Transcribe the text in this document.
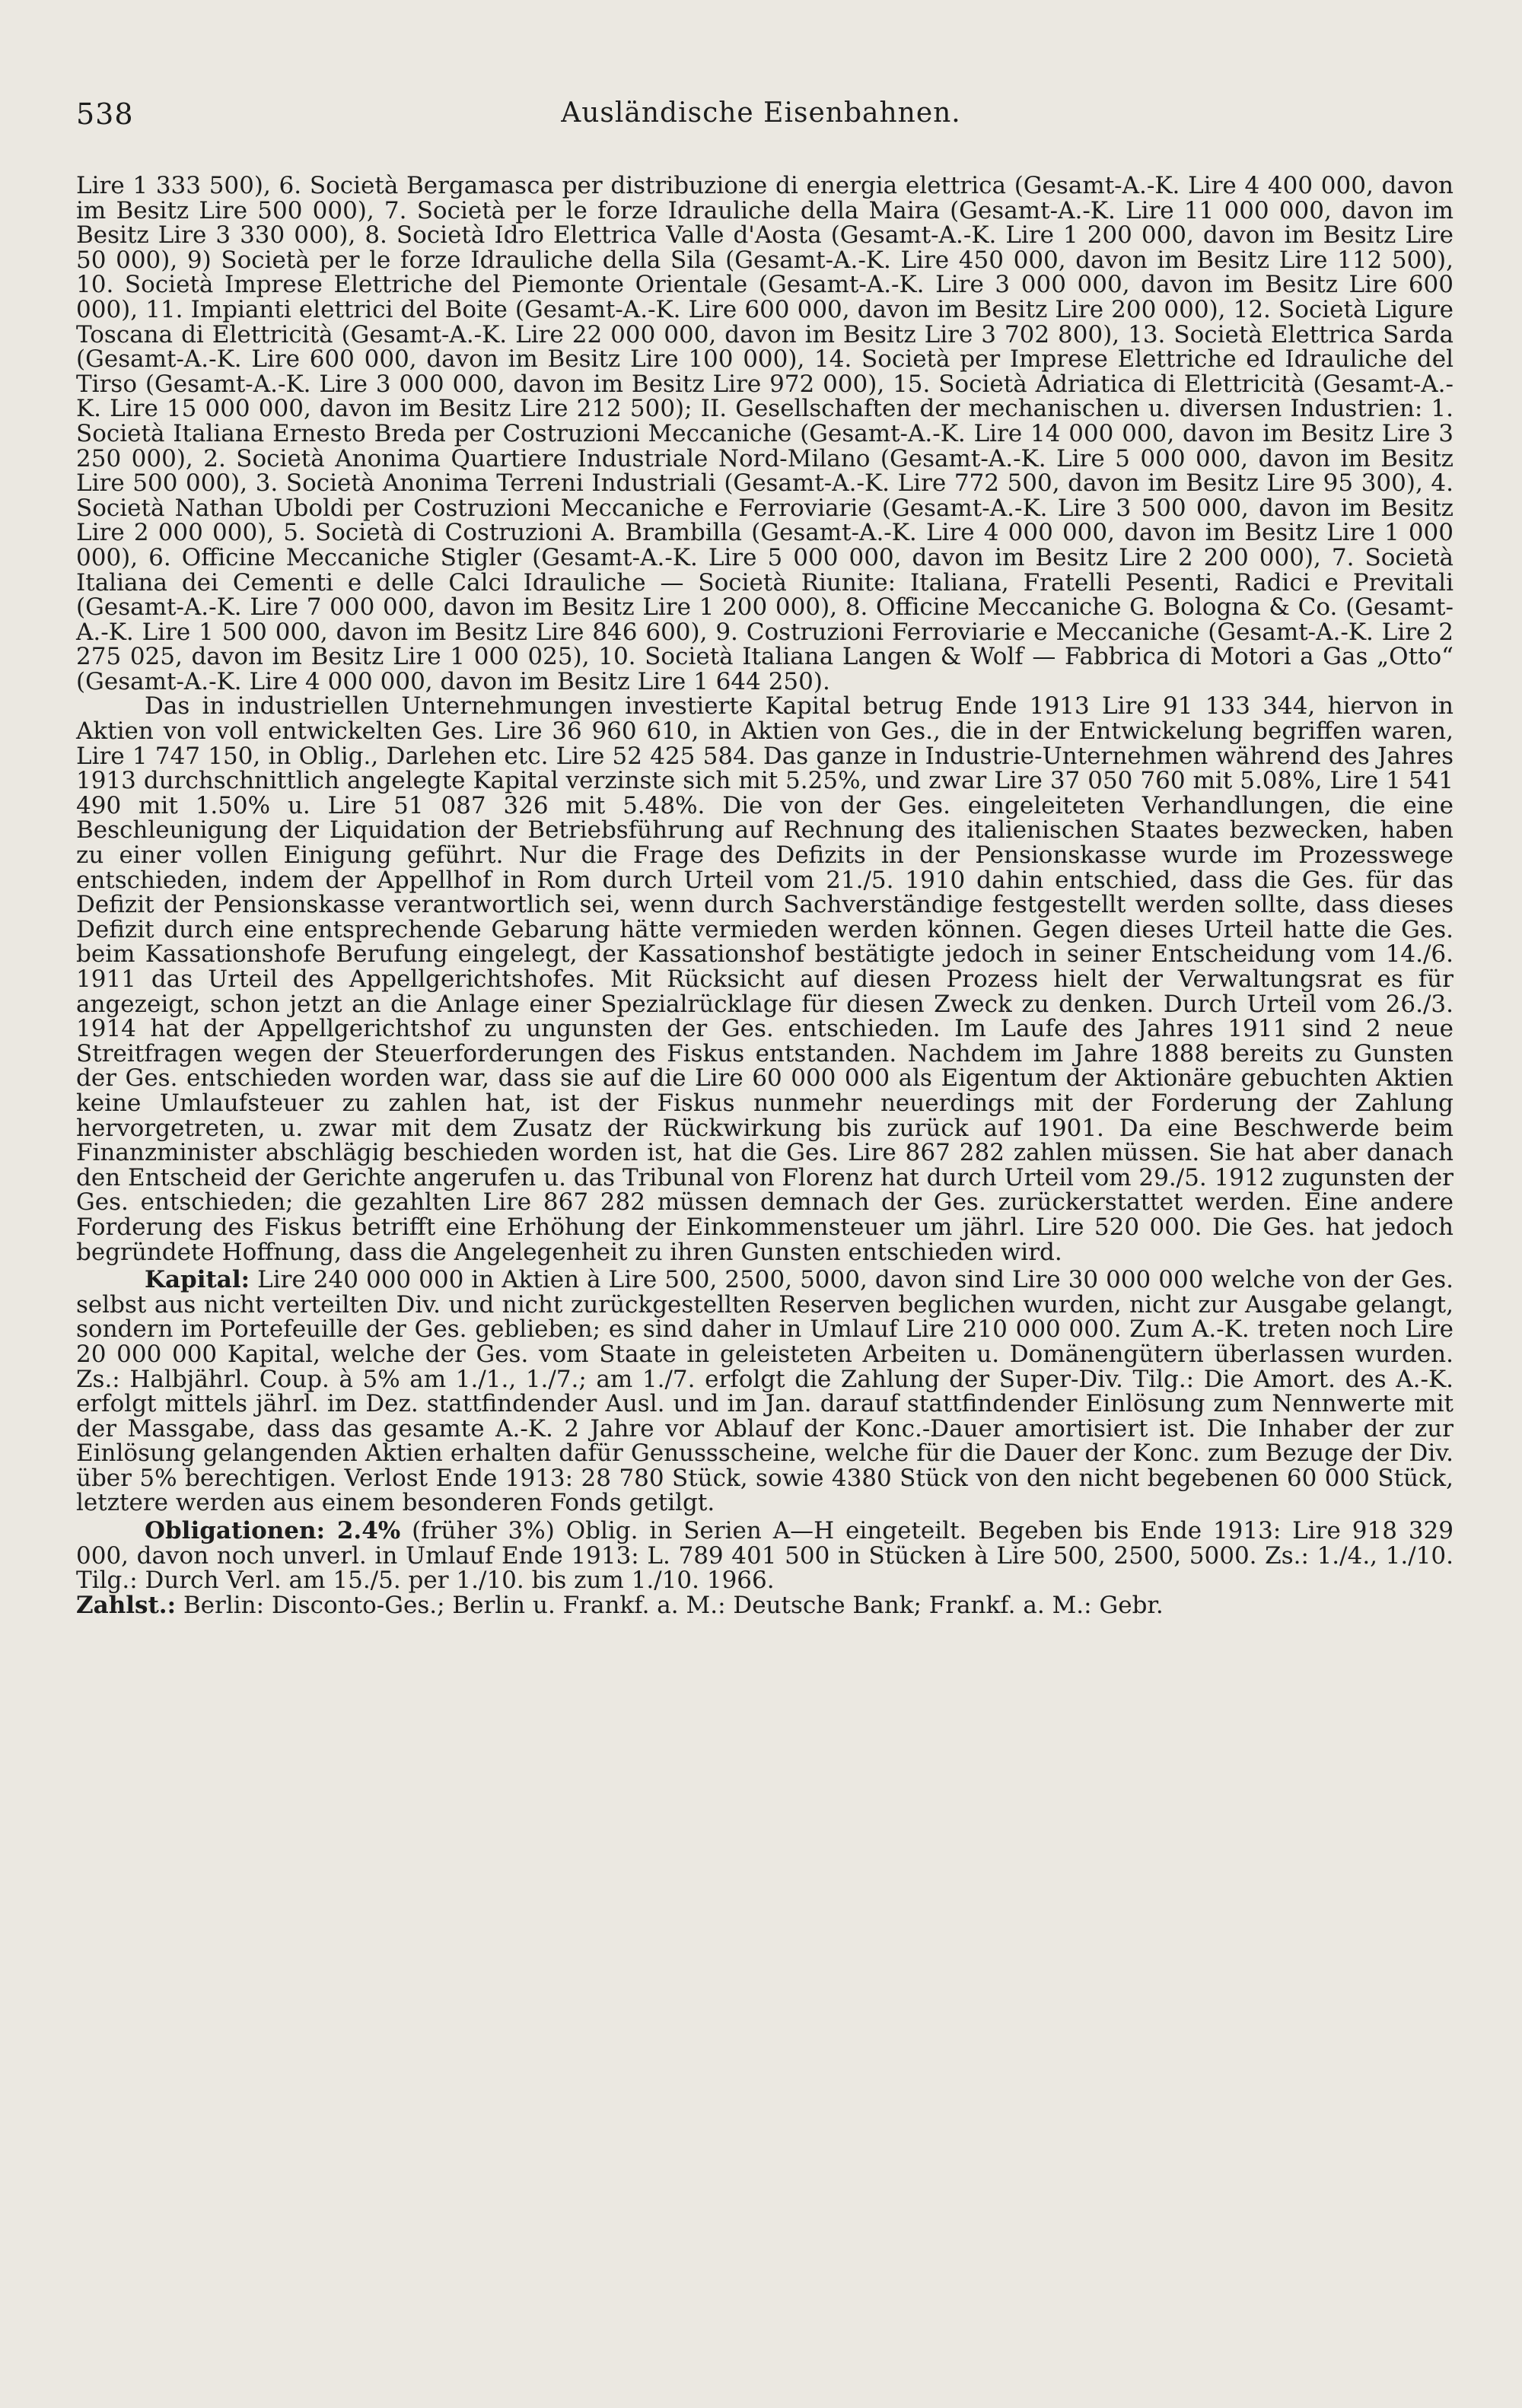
538	Ausländische Eisenbahnen.

Lire 1 333 500), 6. Società Bergamasca per distribuzione di energia elettrica (Gesamt-A.-K. Lire 4 400 000, davon im Besitz Lire 500 000), 7. Società per le forze Idrauliche della Maira (Gesamt-A.-K. Lire 11 000 000, davon im Besitz Lire 3 330 000), 8. Società Idro Elettrica Valle d'Aosta (Gesamt-A.-K. Lire 1 200 000, davon im Besitz Lire 50 000), 9) Società per le forze Idrauliche della Sila (Gesamt-A.-K. Lire 450 000, davon im Besitz Lire 112 500), 10. Società Imprese Elettriche del Piemonte Orientale (Gesamt-A.-K. Lire 3 000 000, davon im Besitz Lire 600 000), 11. Impianti elettrici del Boite (Gesamt-A.-K. Lire 600 000, davon im Besitz Lire 200 000), 12. Società Ligure Toscana di Elettricità (Gesamt-A.-K. Lire 22 000 000, davon im Besitz Lire 3 702 800), 13. Società Elettrica Sarda (Gesamt-A.-K. Lire 600 000, davon im Besitz Lire 100 000), 14. Società per Imprese Elettriche ed Idrauliche del Tirso (Gesamt-A.-K. Lire 3 000 000, davon im Besitz Lire 972 000), 15. Società Adriatica di Elettricità (Gesamt-A.-K. Lire 15 000 000, davon im Besitz Lire 212 500); II. Gesellschaften der mechanischen u. diversen Industrien: 1. Società Italiana Ernesto Breda per Costruzioni Meccaniche (Gesamt-A.-K. Lire 14 000 000, davon im Besitz Lire 3 250 000), 2. Società Anonima Quartiere Industriale Nord-Milano (Gesamt-A.-K. Lire 5 000 000, davon im Besitz Lire 500 000), 3. Società Anonima Terreni Industriali (Gesamt-A.-K. Lire 772 500, davon im Besitz Lire 95 300), 4. Società Nathan Uboldi per Costruzioni Meccaniche e Ferroviarie (Gesamt-A.-K. Lire 3 500 000, davon im Besitz Lire 2 000 000), 5. Società di Costruzioni A. Brambilla (Gesamt-A.-K. Lire 4 000 000, davon im Besitz Lire 1 000 000), 6. Officine Meccaniche Stigler (Gesamt-A.-K. Lire 5 000 000, davon im Besitz Lire 2 200 000), 7. Società Italiana dei Cementi e delle Calci Idrauliche — Società Riunite: Italiana, Fratelli Pesenti, Radici e Previtali (Gesamt-A.-K. Lire 7 000 000, davon im Besitz Lire 1 200 000), 8. Officine Meccaniche G. Bologna & Co. (Gesamt-A.-K. Lire 1 500 000, davon im Besitz Lire 846 600), 9. Costruzioni Ferroviarie e Meccaniche (Gesamt-A.-K. Lire 2 275 025, davon im Besitz Lire 1 000 025), 10. Società Italiana Langen & Wolf — Fabbrica di Motori a Gas „Otto“ (Gesamt-A.-K. Lire 4 000 000, davon im Besitz Lire 1 644 250).

Das in industriellen Unternehmungen investierte Kapital betrug Ende 1913 Lire 91 133 344, hiervon in Aktien von voll entwickelten Ges. Lire 36 960 610, in Aktien von Ges., die in der Entwickelung begriffen waren, Lire 1 747 150, in Oblig., Darlehen etc. Lire 52 425 584. Das ganze in Industrie-Unternehmen während des Jahres 1913 durchschnittlich angelegte Kapital verzinste sich mit 5.25%, und zwar Lire 37 050 760 mit 5.08%, Lire 1 541 490 mit 1.50% u. Lire 51 087 326 mit 5.48%. Die von der Ges. eingeleiteten Verhandlungen, die eine Beschleunigung der Liquidation der Betriebsführung auf Rechnung des italienischen Staates bezwecken, haben zu einer vollen Einigung geführt. Nur die Frage des Defizits in der Pensionskasse wurde im Prozesswege entschieden, indem der Appellhof in Rom durch Urteil vom 21./5. 1910 dahin entschied, dass die Ges. für das Defizit der Pensionskasse verantwortlich sei, wenn durch Sachverständige festgestellt werden sollte, dass dieses Defizit durch eine entsprechende Gebarung hätte vermieden werden können. Gegen dieses Urteil hatte die Ges. beim Kassationshofe Berufung eingelegt, der Kassationshof bestätigte jedoch in seiner Entscheidung vom 14./6. 1911 das Urteil des Appellgerichtshofes. Mit Rücksicht auf diesen Prozess hielt der Verwaltungsrat es für angezeigt, schon jetzt an die Anlage einer Spezialrücklage für diesen Zweck zu denken. Durch Urteil vom 26./3. 1914 hat der Appellgerichtshof zu ungunsten der Ges. entschieden. Im Laufe des Jahres 1911 sind 2 neue Streitfragen wegen der Steuerforderungen des Fiskus entstanden. Nachdem im Jahre 1888 bereits zu Gunsten der Ges. entschieden worden war, dass sie auf die Lire 60 000 000 als Eigentum der Aktionäre gebuchten Aktien keine Umlaufsteuer zu zahlen hat, ist der Fiskus nunmehr neuerdings mit der Forderung der Zahlung hervorgetreten, u. zwar mit dem Zusatz der Rückwirkung bis zurück auf 1901. Da eine Beschwerde beim Finanzminister abschlägig beschieden worden ist, hat die Ges. Lire 867 282 zahlen müssen. Sie hat aber danach den Entscheid der Gerichte angerufen u. das Tribunal von Florenz hat durch Urteil vom 29./5. 1912 zugunsten der Ges. entschieden; die gezahlten Lire 867 282 müssen demnach der Ges. zurückerstattet werden. Eine andere Forderung des Fiskus betrifft eine Erhöhung der Einkommensteuer um jährl. Lire 520 000. Die Ges. hat jedoch begründete Hoffnung, dass die Angelegenheit zu ihren Gunsten entschieden wird.

Kapital: Lire 240 000 000 in Aktien à Lire 500, 2500, 5000, davon sind Lire 30 000 000 welche von der Ges. selbst aus nicht verteilten Div. und nicht zurückgestellten Reserven beglichen wurden, nicht zur Ausgabe gelangt, sondern im Portefeuille der Ges. geblieben; es sind daher in Umlauf Lire 210 000 000. Zum A.-K. treten noch Lire 20 000 000 Kapital, welche der Ges. vom Staate in geleisteten Arbeiten u. Domänengütern überlassen wurden. Zs.: Halbjährl. Coup. à 5% am 1./1., 1./7.; am 1./7. erfolgt die Zahlung der Super-Div. Tilg.: Die Amort. des A.-K. erfolgt mittels jährl. im Dez. stattfindender Ausl. und im Jan. darauf stattfindender Einlösung zum Nennwerte mit der Massgabe, dass das gesamte A.-K. 2 Jahre vor Ablauf der Konc.-Dauer amortisiert ist. Die Inhaber der zur Einlösung gelangenden Aktien erhalten dafür Genussscheine, welche für die Dauer der Konc. zum Bezuge der Div. über 5% berechtigen. Verlost Ende 1913: 28 780 Stück, sowie 4380 Stück von den nicht begebenen 60 000 Stück, letztere werden aus einem besonderen Fonds getilgt.

Obligationen: 2.4% (früher 3%) Oblig. in Serien A—H eingeteilt. Begeben bis Ende 1913: Lire 918 329 000, davon noch unverl. in Umlauf Ende 1913: L. 789 401 500 in Stücken à Lire 500, 2500, 5000. Zs.: 1./4., 1./10. Tilg.: Durch Verl. am 15./5. per 1./10. bis zum 1./10. 1966.

Zahlst.: Berlin: Disconto-Ges.; Berlin u. Frankf. a. M.: Deutsche Bank; Frankf. a. M.: Gebr.
